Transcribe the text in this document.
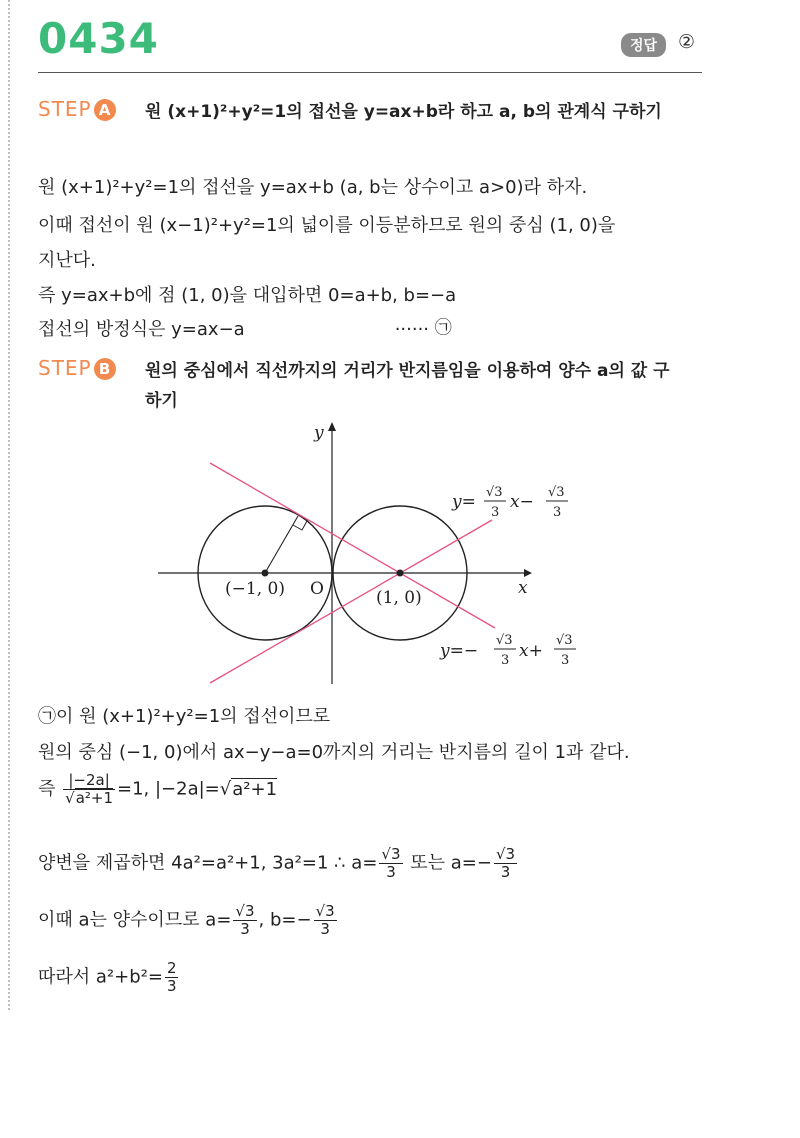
0434	정답	②
STEP A	원 (x+1)²+y²=1의 접선을 y=ax+b라 하고 a, b의 관계식 구하기
원 (x+1)²+y²=1의 접선을 y=ax+b (a, b는 상수이고 a>0)라 하자.
이때 접선이 원 (x−1)²+y²=1의 넓이를 이등분하므로 원의 중심 (1, 0)을
지난다.
즉 y=ax+b에 점 (1, 0)을 대입하면 0=a+b, b=−a
접선의 방정식은 y=ax−a	······ ㉠
STEP B	원의 중심에서 직선까지의 거리가 반지름임을 이용하여 양수 a의 값 구하기
y
x
O
(−1, 0)	(1, 0)
y= √3
3
x− √3
3
y=−
√3
3 x+
√3
3
㉠이 원 (x+1)²+y²=1의 접선이므로
원의 중심 (−1, 0)에서 ax−y−a=0까지의 거리는 반지름의 길이 1과 같다.
즉 $\frac{|-2a|}{\text{√a²+1}} =1$, |−2a|=√a²+1
양변을 제곱하면 4a²=a²+1, 3a²=1 ∴ $a= \frac{√3}{3}$ 또는 $a=- \frac{√3}{3}$
이때 a는 양수이므로 $a= \frac{√3}{3}$ , $b=- \frac{√3}{3}$
따라서 $a^2+b^2= \frac{2}{3}$
